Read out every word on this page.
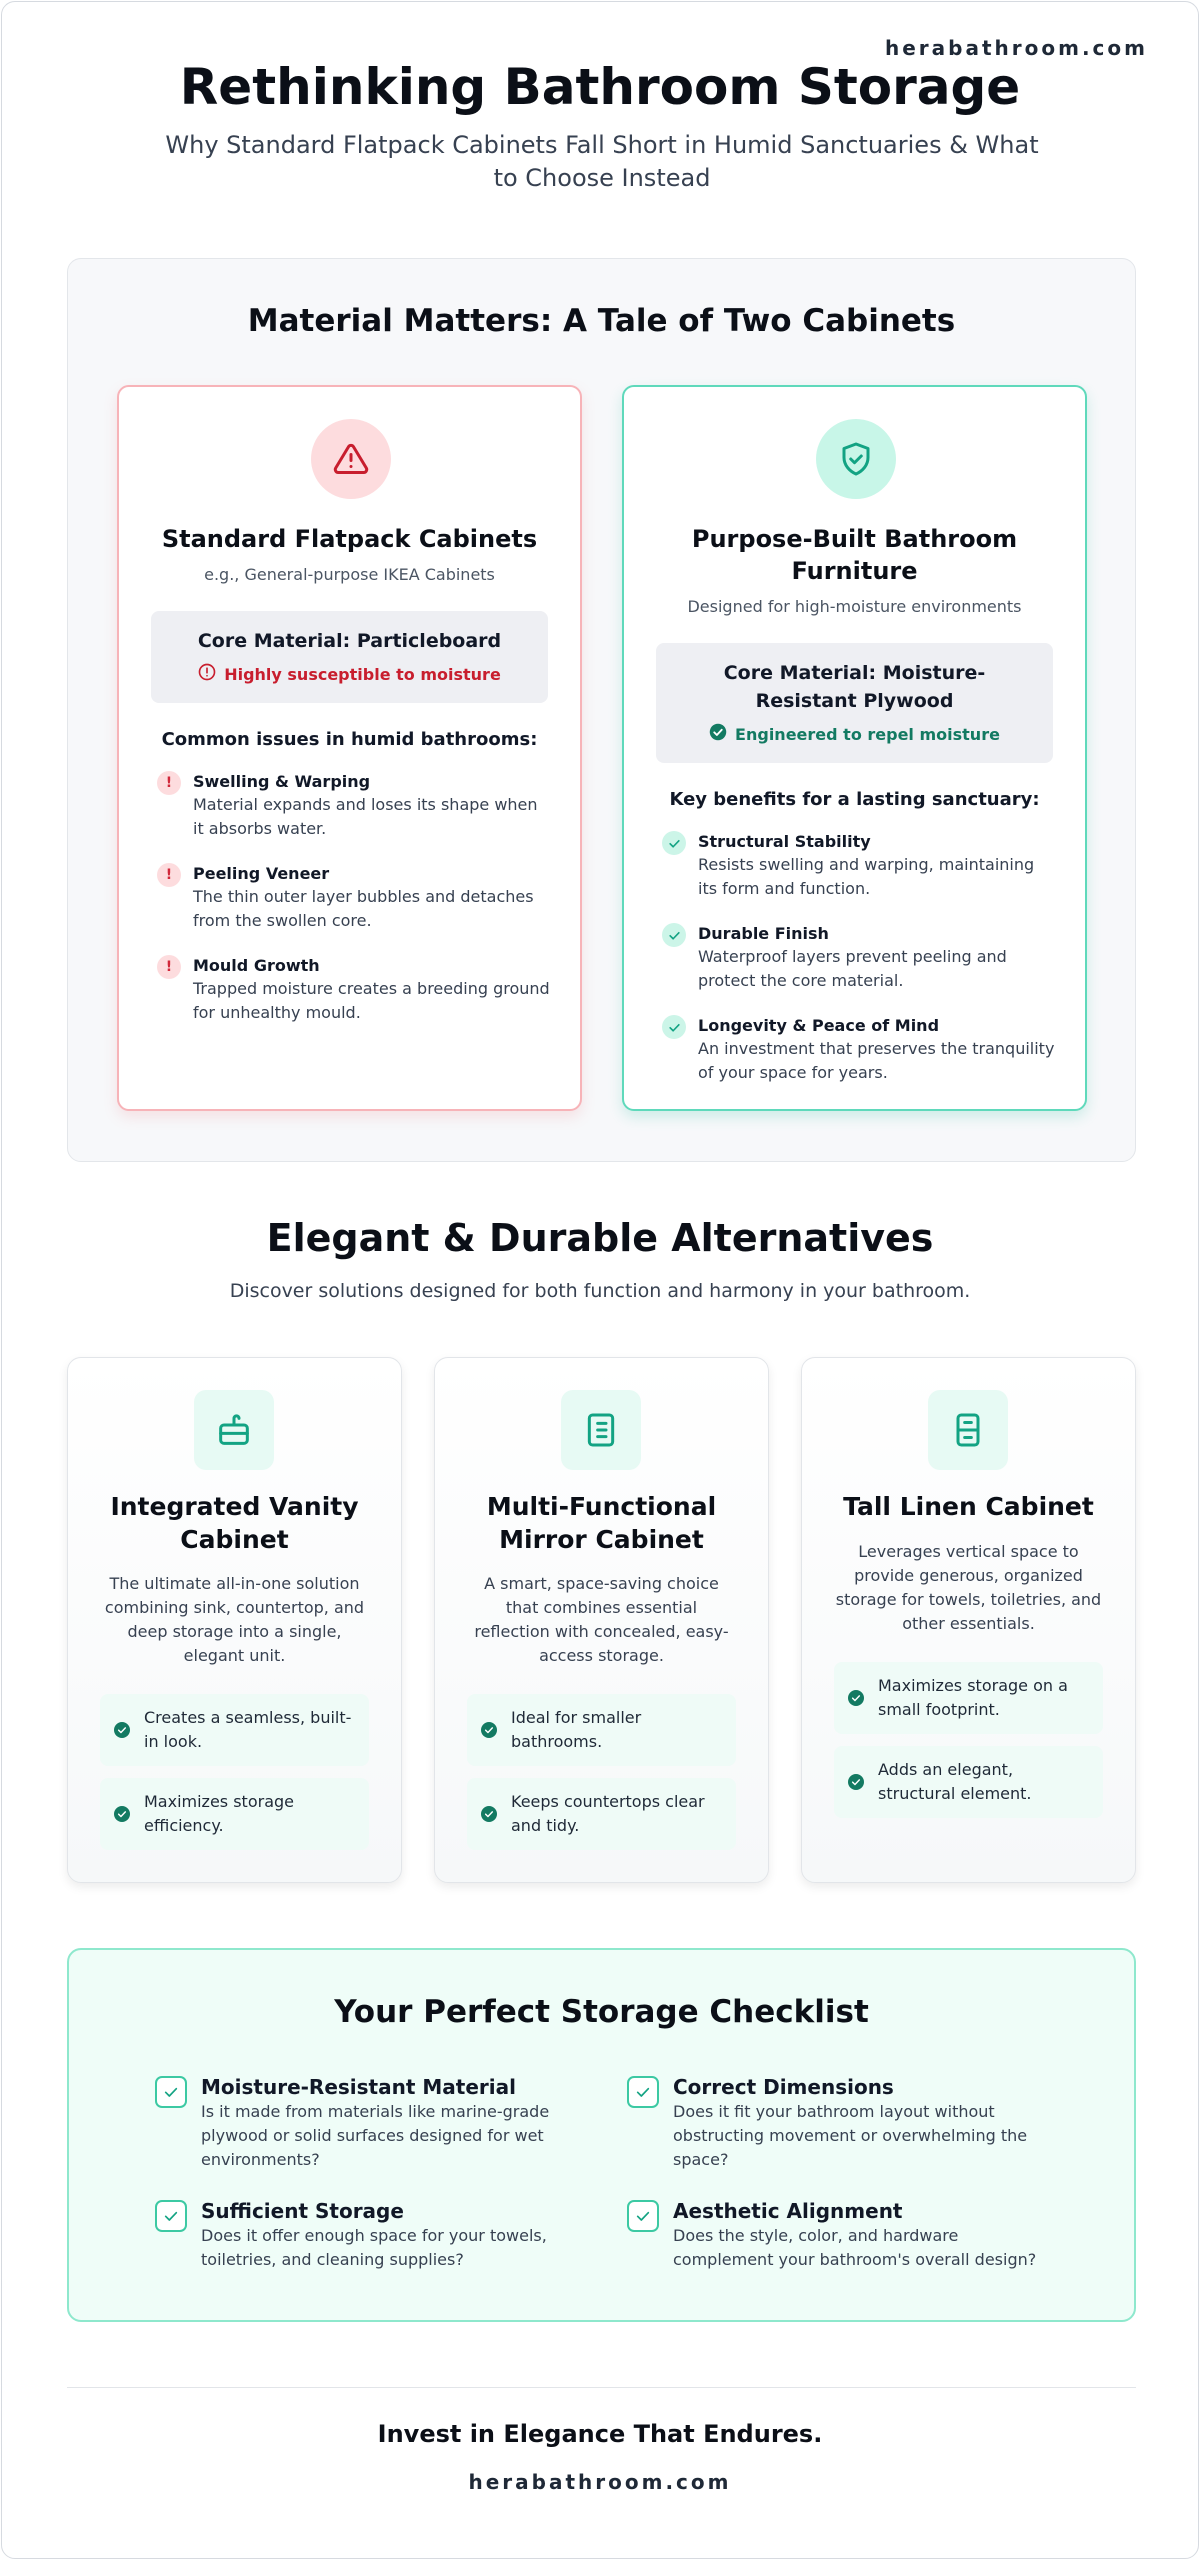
herabathroom.com
Rethinking Bathroom Storage

Why Standard Flatpack Cabinets Fall Short in Humid Sanctuaries & What to Choose Instead

Material Matters: A Tale of Two Cabinets
Standard Flatpack Cabinets

e.g., General-purpose IKEA Cabinets

Core Material: Particleboard
Highly susceptible to moisture
Common issues in humid bathrooms:
!	Swelling & Warping
Material expands and loses its shape when it absorbs water.
!	Peeling Veneer
The thin outer layer bubbles and detaches from the swollen core.
!	Mould Growth
Trapped moisture creates a breeding ground for unhealthy mould.
Purpose-Built Bathroom Furniture

Designed for high-moisture environments

Core Material: Moisture-Resistant Plywood
Engineered to repel moisture
Key benefits for a lasting sanctuary:
Structural Stability
Resists swelling and warping, maintaining its form and function.
Durable Finish
Waterproof layers prevent peeling and protect the core material.
Longevity & Peace of Mind
An investment that preserves the tranquility of your space for years.
Elegant & Durable Alternatives

Discover solutions designed for both function and harmony in your bathroom.

Integrated Vanity Cabinet

The ultimate all-in-one solution combining sink, countertop, and deep storage into a single, elegant unit.

Creates a seamless, built-in look.
Maximizes storage efficiency.
Multi-Functional Mirror Cabinet

A smart, space-saving choice that combines essential reflection with concealed, easy-access storage.

Ideal for smaller bathrooms.
Keeps countertops clear and tidy.
Tall Linen Cabinet

Leverages vertical space to provide generous, organized storage for towels, toiletries, and other essentials.

Maximizes storage on a small footprint.
Adds an elegant, structural element.
Your Perfect Storage Checklist
Moisture-Resistant Material
Is it made from materials like marine-grade plywood or solid surfaces designed for wet environments?
Correct Dimensions
Does it fit your bathroom layout without obstructing movement or overwhelming the space?
Sufficient Storage
Does it offer enough space for your towels, toiletries, and cleaning supplies?
Aesthetic Alignment
Does the style, color, and hardware complement your bathroom's overall design?

Invest in Elegance That Endures.

herabathroom.com
